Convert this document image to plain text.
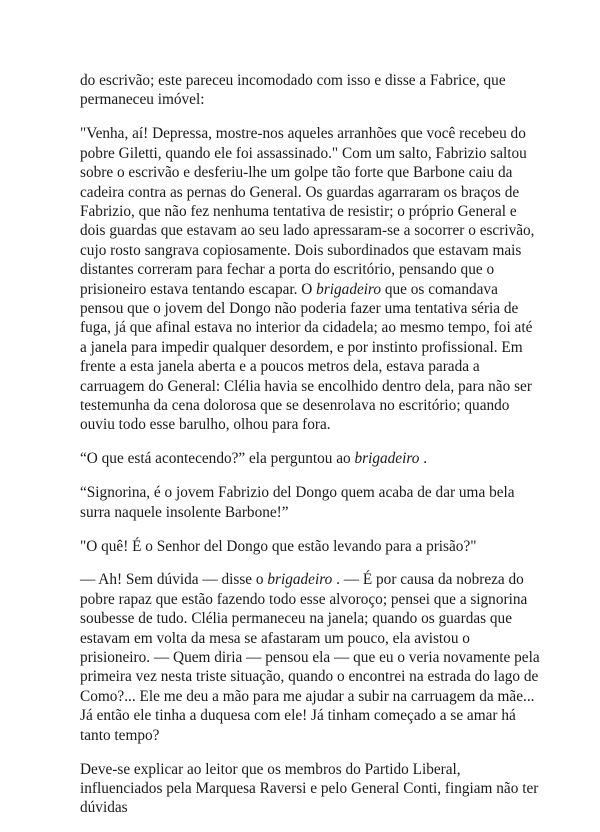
do escrivão; este pareceu incomodado com isso e disse a Fabrice, que permaneceu imóvel:

"Venha, aí! Depressa, mostre-nos aqueles arranhões que você recebeu do pobre Giletti, quando ele foi assassinado." Com um salto, Fabrizio saltou sobre o escrivão e desferiu-lhe um golpe tão forte que Barbone caiu da cadeira contra as pernas do General. Os guardas agarraram os braços de Fabrizio, que não fez nenhuma tentativa de resistir; o próprio General e dois guardas que estavam ao seu lado apressaram-se a socorrer o escrivão, cujo rosto sangrava copiosamente. Dois subordinados que estavam mais distantes correram para fechar a porta do escritório, pensando que o prisioneiro estava tentando escapar. O brigadeiro que os comandava pensou que o jovem del Dongo não poderia fazer uma tentativa séria de fuga, já que afinal estava no interior da cidadela; ao mesmo tempo, foi até a janela para impedir qualquer desordem, e por instinto profissional. Em frente a esta janela aberta e a poucos metros dela, estava parada a carruagem do General: Clélia havia se encolhido dentro dela, para não ser testemunha da cena dolorosa que se desenrolava no escritório; quando ouviu todo esse barulho, olhou para fora.

“O que está acontecendo?” ela perguntou ao brigadeiro .

“Signorina, é o jovem Fabrizio del Dongo quem acaba de dar uma bela surra naquele insolente Barbone!”

"O quê! É o Senhor del Dongo que estão levando para a prisão?"

— Ah! Sem dúvida — disse o brigadeiro . — É por causa da nobreza do pobre rapaz que estão fazendo todo esse alvoroço; pensei que a signorina soubesse de tudo. Clélia permaneceu na janela; quando os guardas que estavam em volta da mesa se afastaram um pouco, ela avistou o prisioneiro. — Quem diria — pensou ela — que eu o veria novamente pela primeira vez nesta triste situação, quando o encontrei na estrada do lago de Como?... Ele me deu a mão para me ajudar a subir na carruagem da mãe... Já então ele tinha a duquesa com ele! Já tinham começado a se amar há tanto tempo?

Deve-se explicar ao leitor que os membros do Partido Liberal, influenciados pela Marquesa Raversi e pelo General Conti, fingiam não ter dúvidas
